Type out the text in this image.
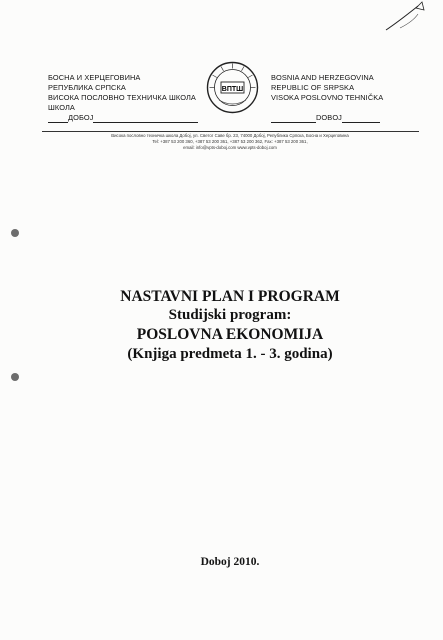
БОСНА И ХЕРЦЕГОВИНА
РЕПУБЛИКА СРПСКА
ВИСОКА ПОСЛОВНО ТЕХНИЧКА ШКОЛА
ШКОЛА
ДОБОЈ
ВПТШ
BOSNIA AND HERZEGOVINA
REPUBLIC OF SRPSKA
VISOKA POSLOVNO TEHNIČKA
DOBOJ
Висока пословно техничка школа Добој, ул. Светог Саве бр. 23, 74000 Добој, Република Српска, Босна и Херцеговина
Tel: +387 53 200 360, +387 53 200 361, +387 53 200 362, Fax: +387 53 200 361,
email: info@vpts-doboj.com www.vpts-doboj.com
NASTAVNI PLAN I PROGRAM
Studijski program:
POSLOVNA EKONOMIJA
(Knjiga predmeta 1. - 3. godina)
Doboj 2010.
